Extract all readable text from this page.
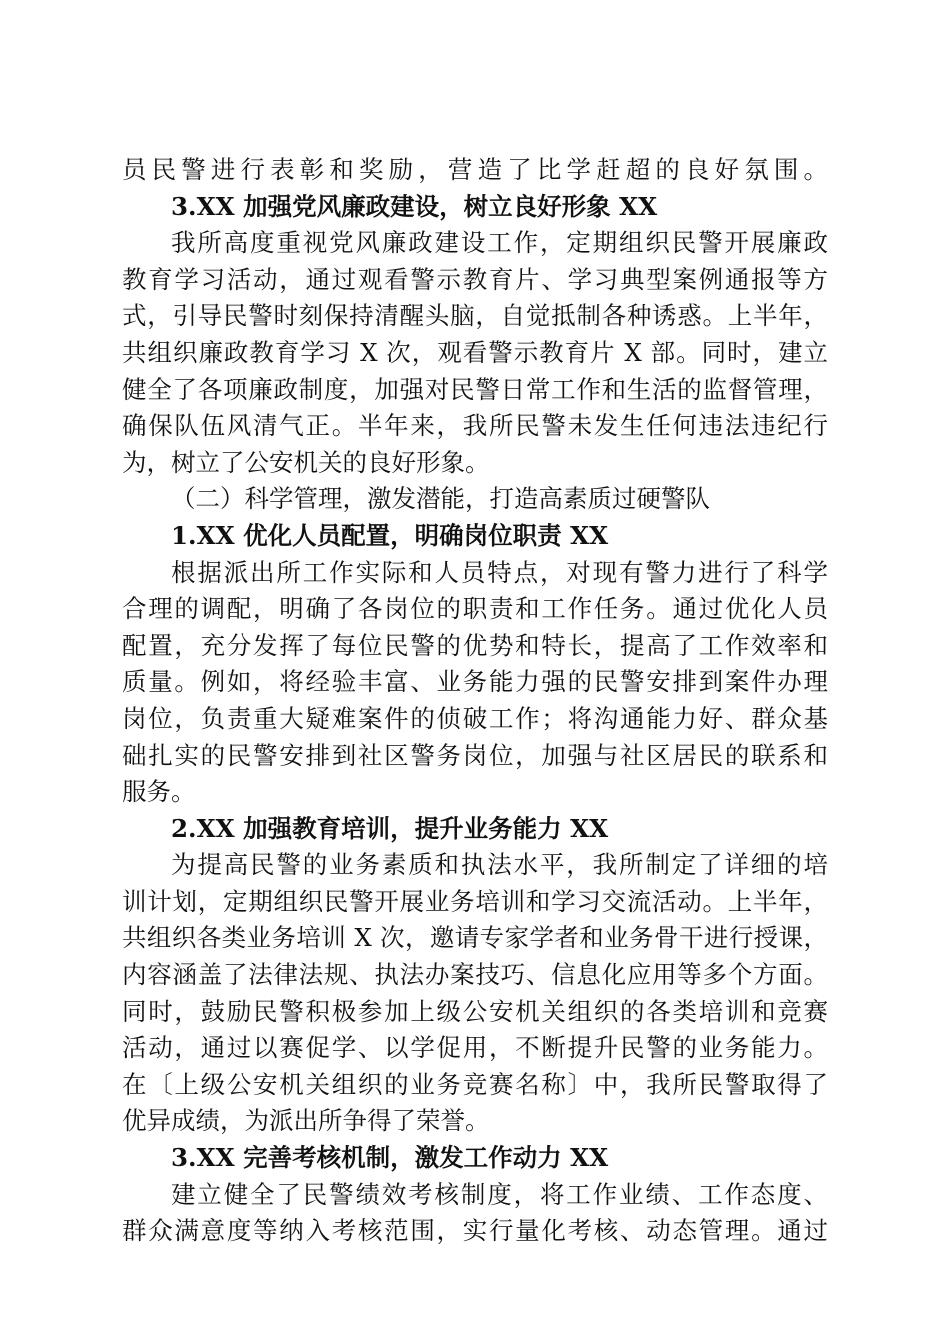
员民警进行表彰和奖励，营造了比学赶超的良好氛围。
3.XX 加强党风廉政建设，树立良好形象 XX
我所高度重视党风廉政建设工作，定期组织民警开展廉政
教育学习活动，通过观看警示教育片、学习典型案例通报等方
式，引导民警时刻保持清醒头脑，自觉抵制各种诱惑。上半年，
共组织廉政教育学习 X 次，观看警示教育片 X 部。同时，建立
健全了各项廉政制度，加强对民警日常工作和生活的监督管理，
确保队伍风清气正。半年来，我所民警未发生任何违法违纪行
为，树立了公安机关的良好形象。
（二）科学管理，激发潜能，打造高素质过硬警队
1.XX 优化人员配置，明确岗位职责 XX
根据派出所工作实际和人员特点，对现有警力进行了科学
合理的调配，明确了各岗位的职责和工作任务。通过优化人员
配置，充分发挥了每位民警的优势和特长，提高了工作效率和
质量。例如，将经验丰富、业务能力强的民警安排到案件办理
岗位，负责重大疑难案件的侦破工作；将沟通能力好、群众基
础扎实的民警安排到社区警务岗位，加强与社区居民的联系和
服务。
2.XX 加强教育培训，提升业务能力 XX
为提高民警的业务素质和执法水平，我所制定了详细的培
训计划，定期组织民警开展业务培训和学习交流活动。上半年，
共组织各类业务培训 X 次，邀请专家学者和业务骨干进行授课，
内容涵盖了法律法规、执法办案技巧、信息化应用等多个方面。
同时，鼓励民警积极参加上级公安机关组织的各类培训和竞赛
活动，通过以赛促学、以学促用，不断提升民警的业务能力。
在〔上级公安机关组织的业务竞赛名称〕中，我所民警取得了
优异成绩，为派出所争得了荣誉。
3.XX 完善考核机制，激发工作动力 XX
建立健全了民警绩效考核制度，将工作业绩、工作态度、
群众满意度等纳入考核范围，实行量化考核、动态管理。通过
